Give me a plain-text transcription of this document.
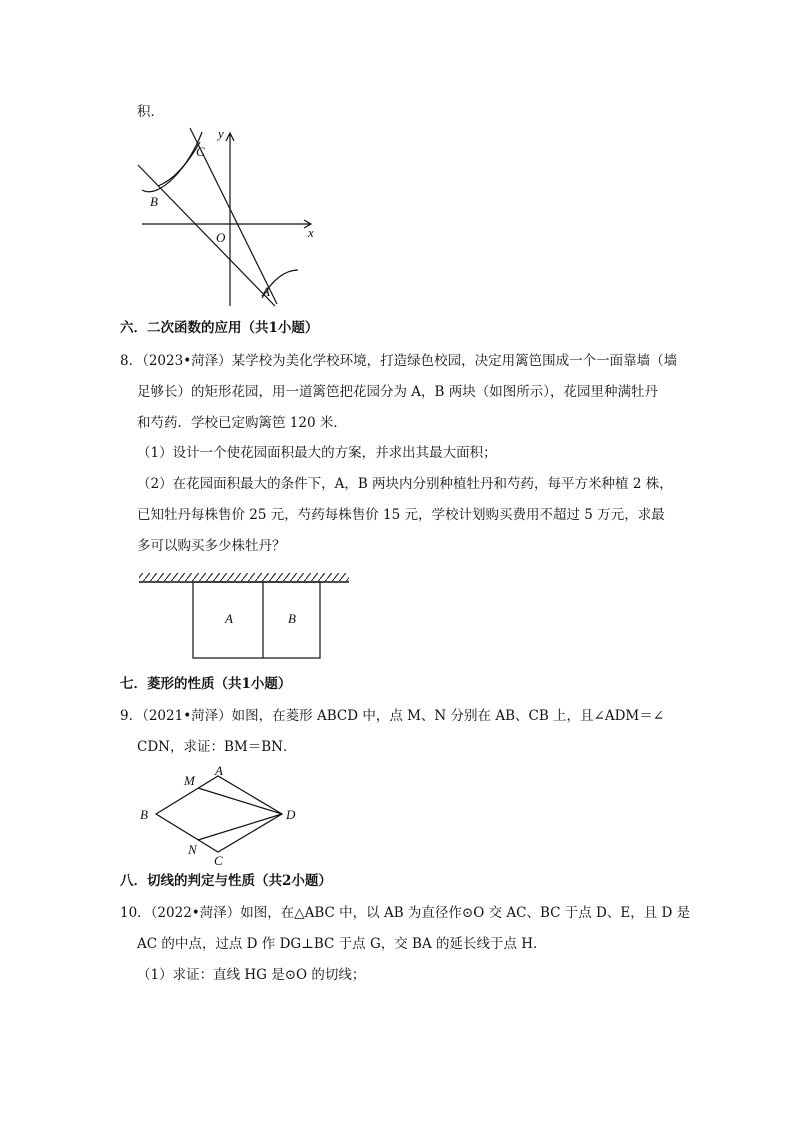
积．
y
x
C
B
O
A
六．二次函数的应用（共1小题）
8．（2023•菏泽）某学校为美化学校环境，打造绿色校园，决定用篱笆围成一个一面靠墙（墙
足够长）的矩形花园，用一道篱笆把花园分为 A，B 两块（如图所示），花园里种满牡丹
和芍药．学校已定购篱笆 120 米．
（1）设计一个使花园面积最大的方案，并求出其最大面积；
（2）在花园面积最大的条件下，A，B 两块内分别种植牡丹和芍药，每平方米种植 2 株，
已知牡丹每株售价 25 元，芍药每株售价 15 元，学校计划购买费用不超过 5 万元，求最
多可以购买多少株牡丹？
A	B
七．菱形的性质（共1小题）
9．（2021•菏泽）如图，在菱形 ABCD 中，点 M、N 分别在 AB、CB 上，且∠ADM＝∠
CDN，求证：BM＝BN．
A
M
B	D
N
C
八．切线的判定与性质（共2小题）
10．（2022•菏泽）如图，在△ABC 中，以 AB 为直径作⊙O 交 AC、BC 于点 D、E，且 D 是
AC 的中点，过点 D 作 DG⊥BC 于点 G，交 BA 的延长线于点 H．
（1）求证：直线 HG 是⊙O 的切线；
